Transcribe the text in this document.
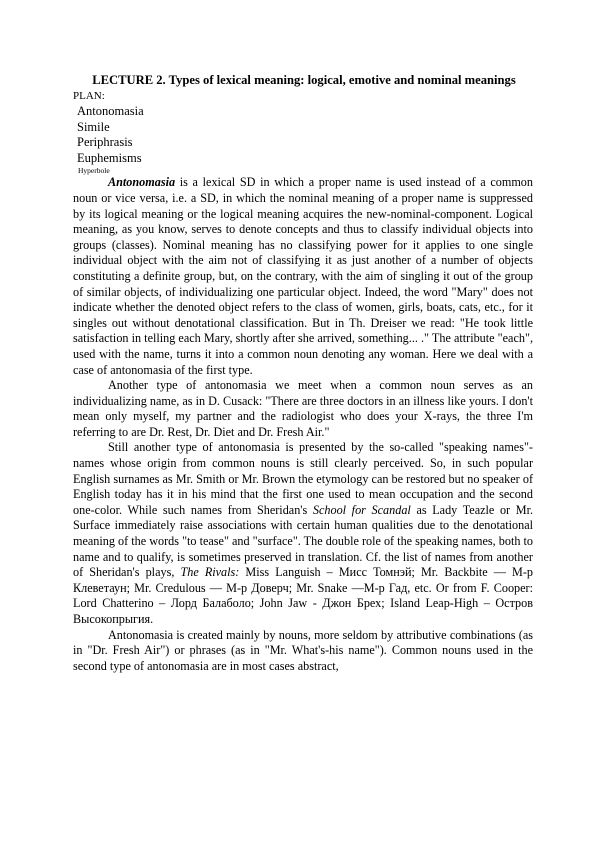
LECTURE 2. Types of lexical meaning: logical, emotive and nominal meanings
PLAN:
Antonomasia
Simile
Periphrasis
Euphemisms
Hyperbole

Antonomasia is a lexical SD in which a proper name is used instead of a common noun or vice versa, i.e. a SD, in which the nominal meaning of a proper name is suppressed by its logical meaning or the logical meaning acquires the new-nominal-component. Logical meaning, as you know, serves to denote concepts and thus to classify individual objects into groups (classes). Nominal meaning has no classifying power for it applies to one single individual object with the aim not of classifying it as just another of a number of objects constituting a definite group, but, on the contrary, with the aim of singling it out of the group of similar objects, of individualizing one particular object. Indeed, the word "Mary" does not indicate whether the denoted object refers to the class of women, girls, boats, cats, etc., for it singles out without denotational classification. But in Th. Dreiser we read: "He took little satisfaction in telling each Mary, shortly after she arrived, something... ." The attribute "each", used with the name, turns it into a common noun denoting any woman. Here we deal with a case of antonomasia of the first type.

Another type of antonomasia we meet when a common noun serves as an individualizing name, as in D. Cusack: "There are three doctors in an illness like yours. I don't mean only myself, my partner and the radiologist who does your X-rays, the three I'm referring to are Dr. Rest, Dr. Diet and Dr. Fresh Air."

Still another type of antonomasia is presented by the so-called "speaking names"-names whose origin from common nouns is still clearly perceived. So, in such popular English surnames as Mr. Smith or Mr. Brown the etymology can be restored but no speaker of English today has it in his mind that the first one used to mean occupation and the second one-color. While such names from Sheridan's School for Scandal as Lady Teazle or Mr. Surface immediately raise associations with certain human qualities due to the denotational meaning of the words "to tease" and "surface". The double role of the speaking names, both to name and to qualify, is sometimes preserved in translation. Cf. the list of names from another of Sheridan's plays, The Rivals: Miss Languish – Мисс Томнэй; Mr. Backbite — М-р Клеветаун; Mr. Credulous — М-р Доверч; Mr. Snake —М-р Гад, etc. Or from F. Cooper: Lord Chatterino – Лорд Балаболо; John Jaw - Джон Брех; Island Leap-High – Остров Высокопрыгия.

Antonomasia is created mainly by nouns, more seldom by attributive combinations (as in "Dr. Fresh Air") or phrases (as in "Mr. What's-his name"). Common nouns used in the second type of antonomasia are in most cases abstract,
